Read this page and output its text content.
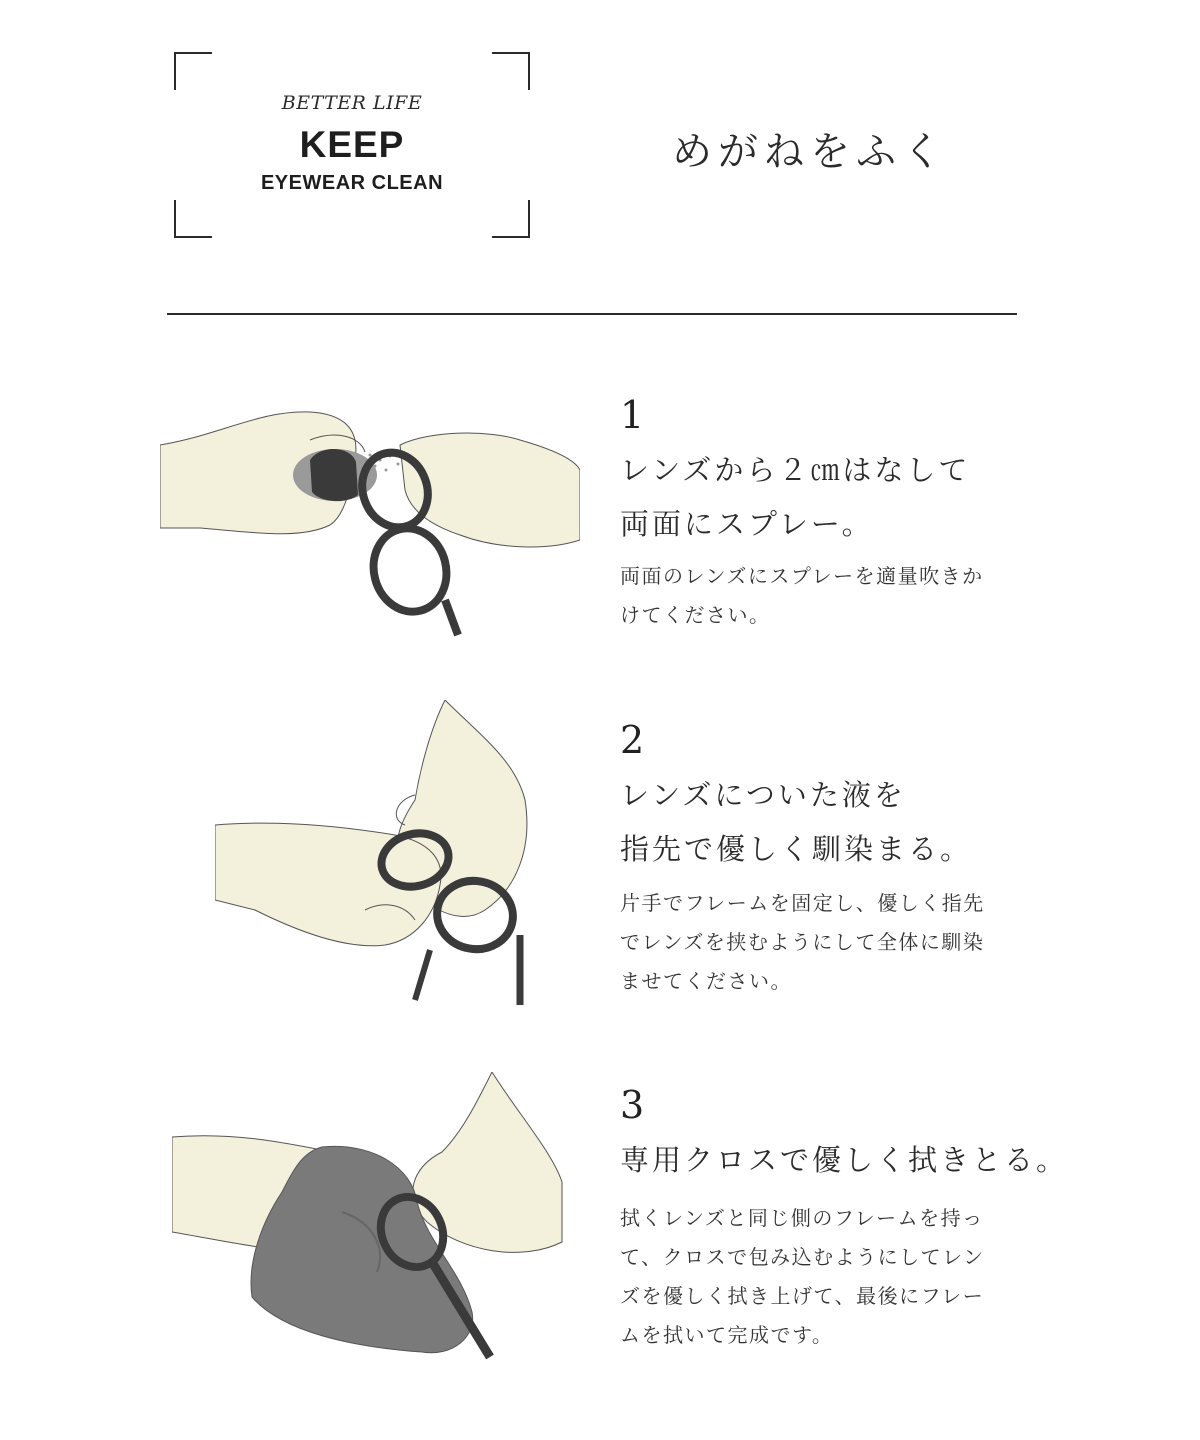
BETTER LIFE
KEEP
EYEWEAR CLEAN
めがねをふく
1
レンズから２㎝はなして
両面にスプレー。
両面のレンズにスプレーを適量吹きか
けてください。
2
レンズについた液を
指先で優しく馴染まる。
片手でフレームを固定し、優しく指先
でレンズを挟むようにして全体に馴染
ませてください。
3
専用クロスで優しく拭きとる。
拭くレンズと同じ側のフレームを持っ
て、クロスで包み込むようにしてレン
ズを優しく拭き上げて、最後にフレー
ムを拭いて完成です。
